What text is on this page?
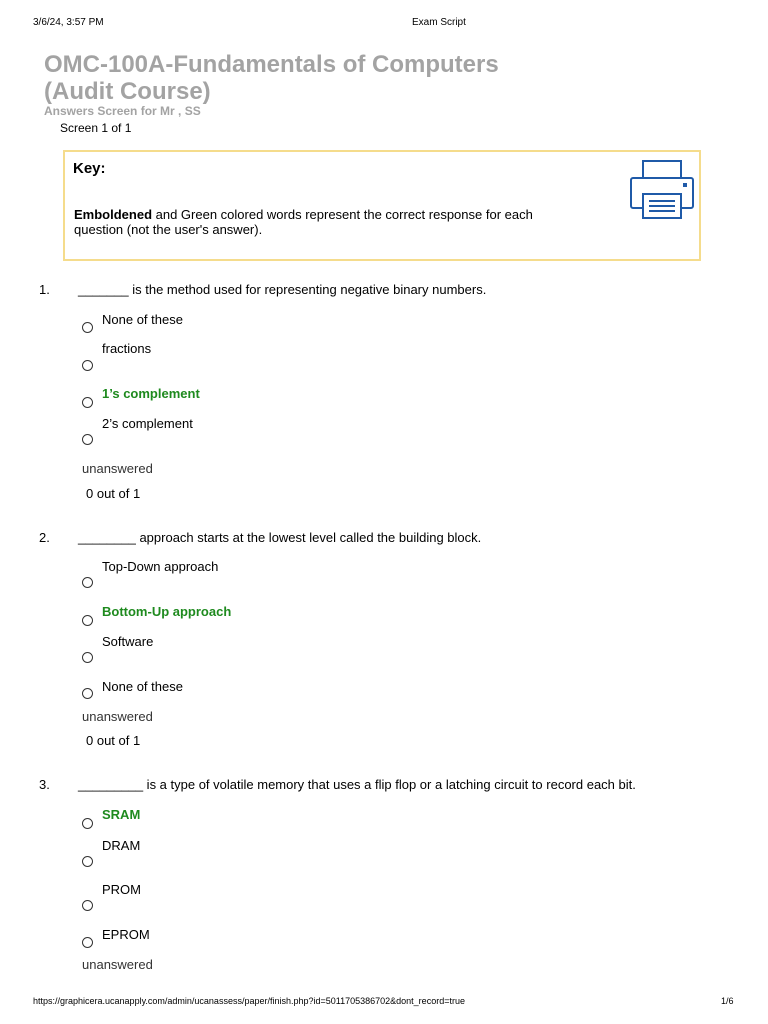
3/6/24, 3:57 PM	Exam Script
OMC-100A-Fundamentals of Computers
(Audit Course)
Answers Screen for Mr , SS
Screen 1 of 1
Key:
Emboldened and Green colored words represent the correct response for each question (not the user's answer).
1. _______ is the method used for representing negative binary numbers.
None of these
fractions
1’s complement
2’s complement
unanswered
0 out of 1
2. ________ approach starts at the lowest level called the building block.
Top-Down approach
Bottom-Up approach
Software
None of these
unanswered
0 out of 1
3. _________ is a type of volatile memory that uses a flip flop or a latching circuit to record each bit.
SRAM
DRAM
PROM
EPROM
unanswered
https://graphicera.ucanapply.com/admin/ucanassess/paper/finish.php?id=5011705386702&dont_record=true	1/6
